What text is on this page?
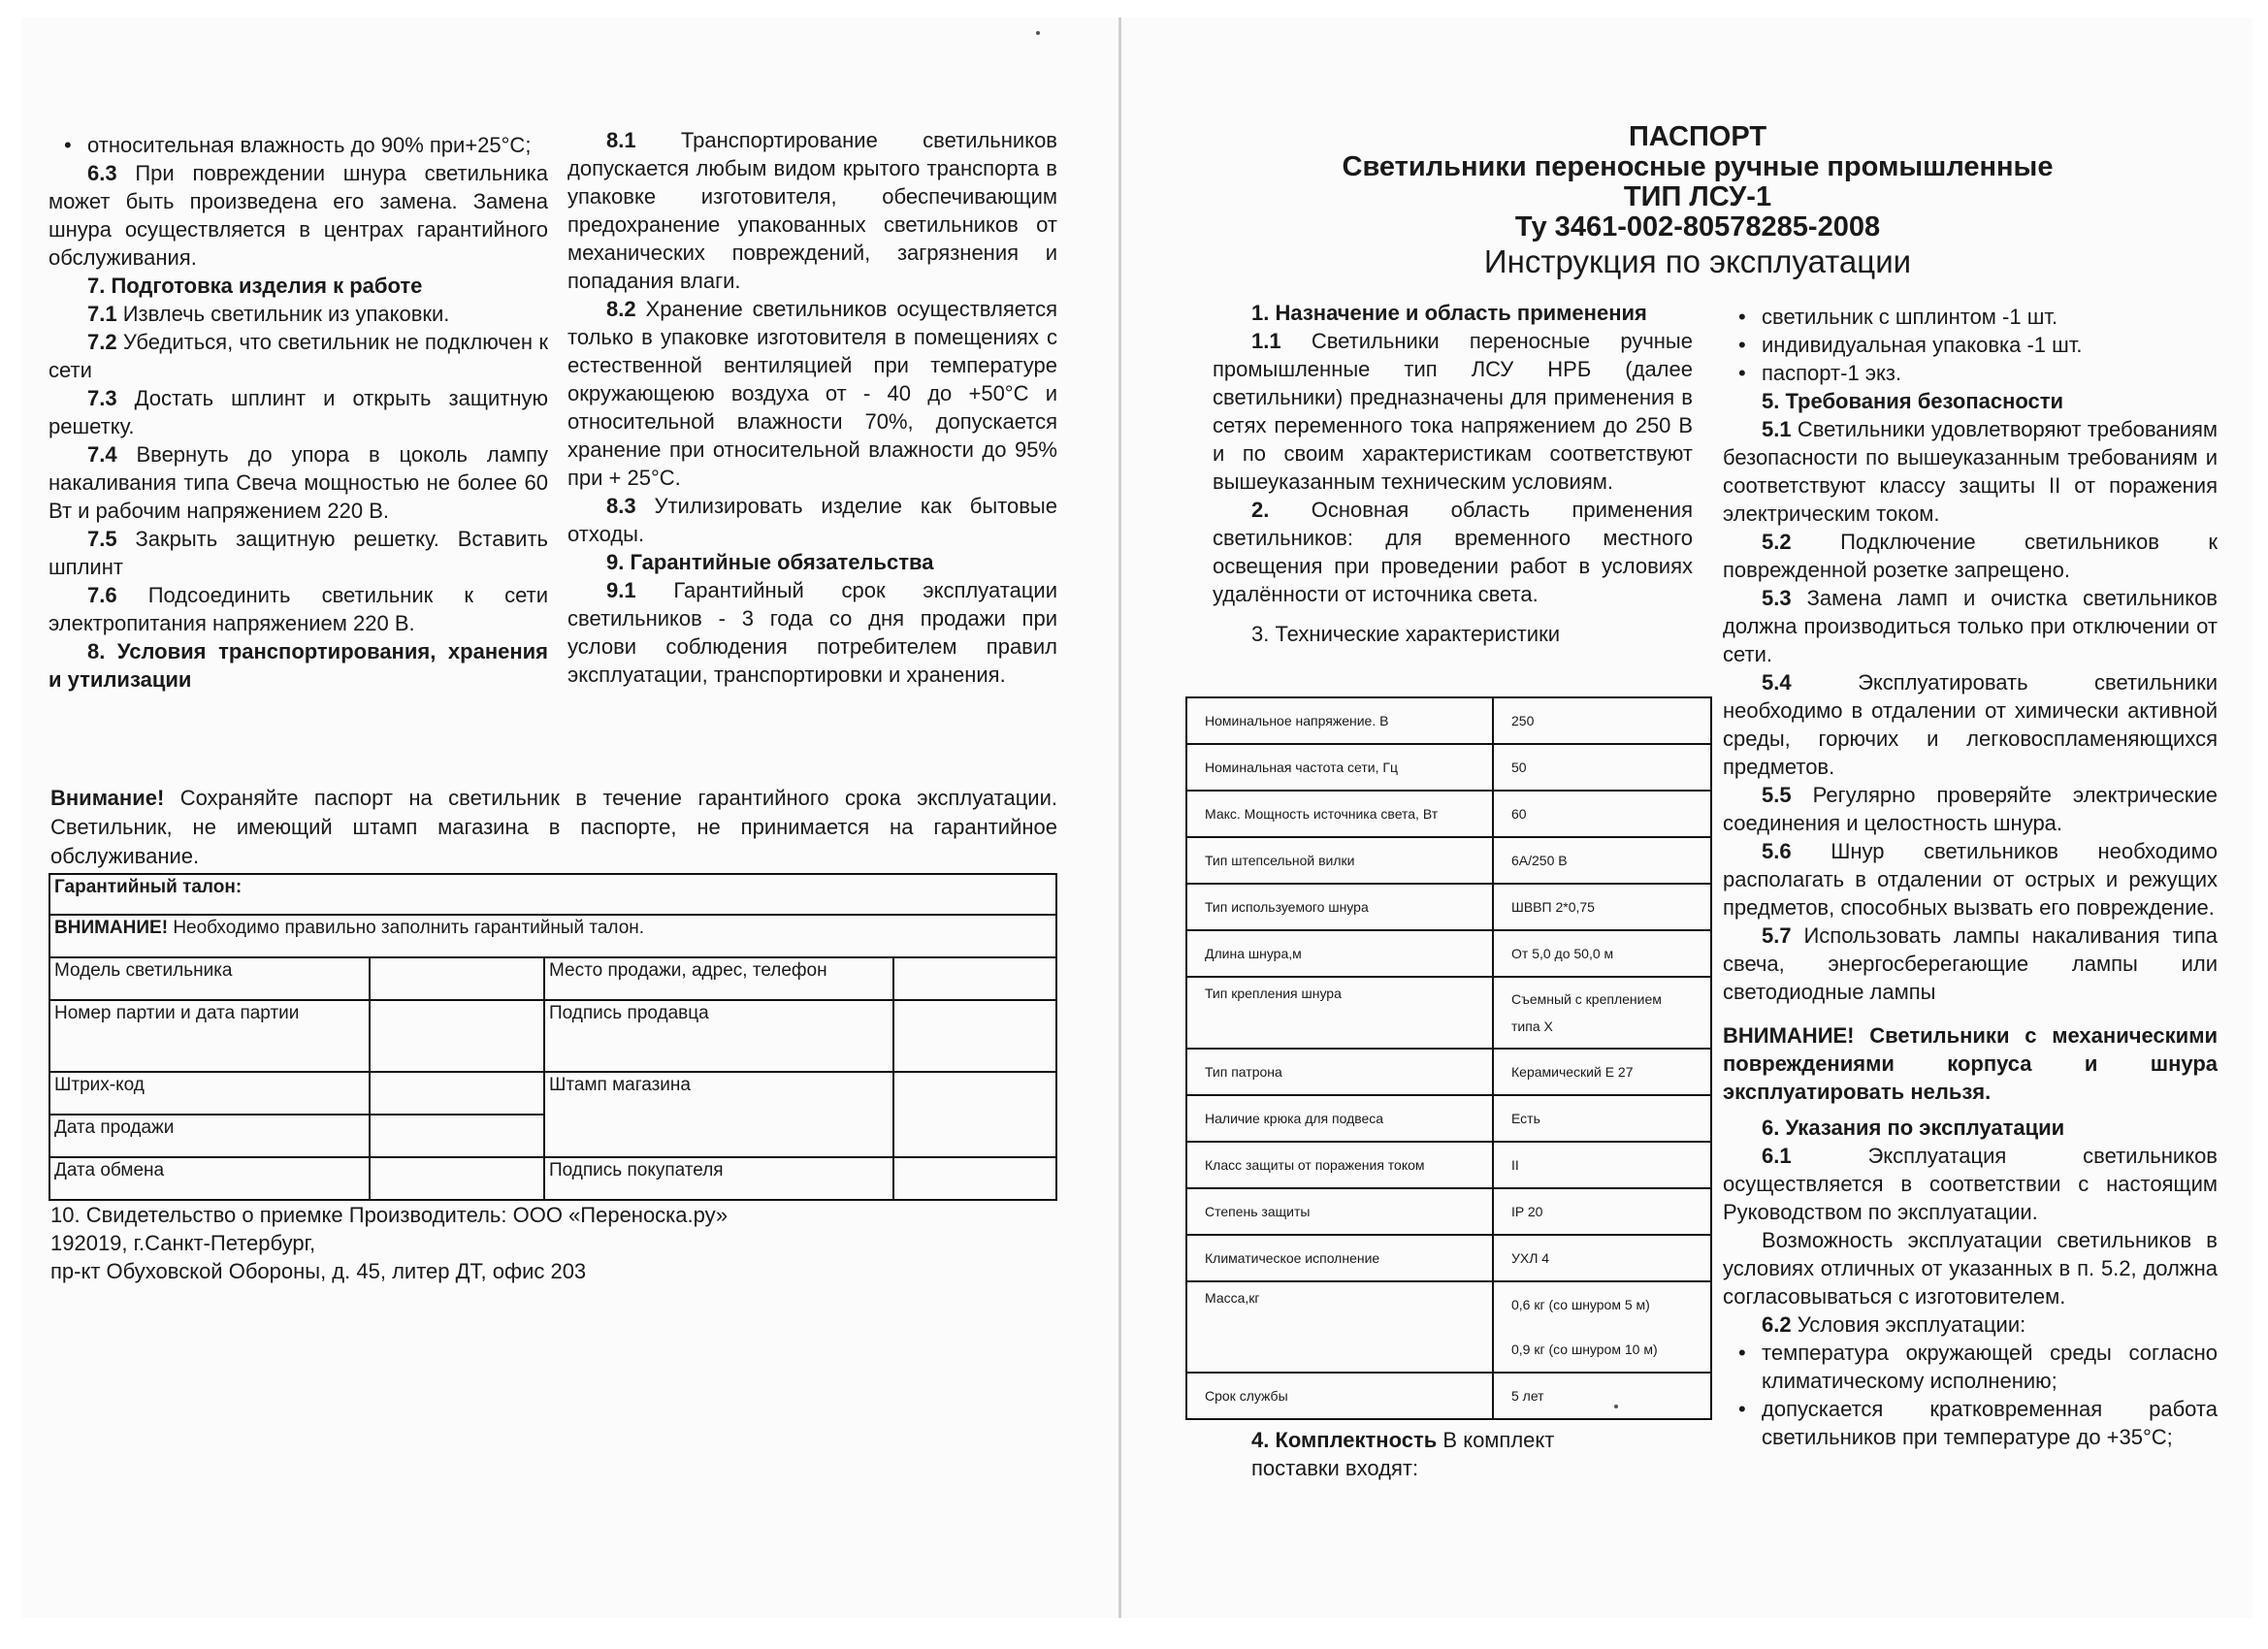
• относительная влажность до 90% при+25°С;

6.3 При повреждении шнура светильника может быть произведена его замена. Замена шнура осуществляется в центрах гарантийного обслуживания.

7. Подготовка изделия к работе

7.1 Извлечь светильник из упаковки.

7.2 Убедиться, что светильник не подключен к сети

7.3 Достать шплинт и открыть защитную решетку.

7.4 Ввернуть до упора в цоколь лампу накаливания типа Свеча мощностью не более 60 Вт и рабочим напряжением 220 В.

7.5 Закрыть защитную решетку. Вставить шплинт

7.6 Подсоединить светильник к сети электропитания напряжением 220 В.

8. Условия транспортирования, хранения и утилизации

8.1 Транспортирование светильников допускается любым видом крытого транспорта в упаковке изготовителя, обеспечивающим предохранение упакованных светильников от механических повреждений, загрязнения и попадания влаги.

8.2 Хранение светильников осуществляется только в упаковке изготовителя в помещениях с естественной вентиляцией при температуре окружающеюю воздуха от - 40 до +50°С и относительной влажности 70%, допускается хранение при относительной влажности до 95% при + 25°С.

8.3 Утилизировать изделие как бытовые отходы.

9. Гарантийные обязательства

9.1 Гарантийный срок эксплуатации светильников - 3 года со дня продажи при услови соблюдения потребителем правил эксплуатации, транспортировки и хранения.

Внимание! Сохраняйте паспорт на светильник в течение гарантийного срока эксплуатации. Светильник, не имеющий штамп магазина в паспорте, не принимается на гарантийное обслуживание.
Гарантийный талон:			
ВНИМАНИЕ! Необходимо правильно заполнить гарантийный талон.			
Модель светильника		Место продажи, адрес, телефон	
Номер партии и дата партии		Подпись продавца	
Штрих-код		Штамп магазина	
Дата продажи			
Дата обмена		Подпись покупателя	
10. Свидетельство о приемке Производитель: ООО «Переноска.ру»
192019, г.Санкт-Петербург,
пр-кт Обуховской Обороны, д. 45, литер ДТ, офис 203
ПАСПОРТ
Светильники переносные ручные промышленные
ТИП ЛСУ-1
Ту 3461-002-80578285-2008
Инструкция по эксплуатации

1. Назначение и область применения

1.1 Светильники переносные ручные промышленные тип ЛСУ НРБ (далее светильники) предназначены для применения в сетях переменного тока напряжением до 250 В и по своим характеристикам соответствуют вышеуказанным техническим условиям.

2. Основная область применения светильников: для временного местного освещения при проведении работ в условиях удалённости от источника света.

3. Технические характеристики

Номинальное напряжение. В	250

Номинальная частота сети, Гц	50

Макс. Мощность источника света, Вт	60

Тип штепсельной вилки	6А/250 В

Тип используемого шнура	ШВВП 2*0,75

Длина шнура,м	От 5,0 до 50,0 м

Тип крепления шнура	Съемный с креплением типа Х

Тип патрона	Керамический Е 27

Наличие крюка для подвеса	Есть

Класс защиты от поражения током	II

Степень защиты	IP 20

Климатическое исполнение	УХЛ 4

Масса,кг	0,6 кг (со шнуром 5 м)
0,9 кг (со шнуром 10 м)

Срок службы	5 лет
4. Комплектность В комплект поставки входят:

• светильник с шплинтом -1 шт.

• индивидуальная упаковка -1 шт.

• паспорт-1 экз.

5. Требования безопасности

5.1 Светильники удовлетворяют требованиям безопасности по вышеуказанным требованиям и соответствуют классу защиты II от поражения электрическим током.

5.2 Подключение светильников к поврежденной розетке запрещено.

5.3 Замена ламп и очистка светильников должна производиться только при отключении от сети.

5.4	Эксплуатировать светильники необходимо в отдалении от химически активной среды, горючих и легковоспламеняющихся предметов.

5.5 Регулярно проверяйте электрические соединения и целостность шнура.

5.6 Шнур светильников необходимо располагать в отдалении от острых и режущих предметов, способных вызвать его повреждение.

5.7 Использовать лампы накаливания типа свеча, энергосберегающие лампы или светодиодные лампы

ВНИМАНИЕ! Светильники с механическими повреждениями корпуса и шнура эксплуатировать нельзя.

6. Указания по эксплуатации

6.1	Эксплуатация светильников осуществляется в соответствии с настоящим Руководством по эксплуатации.

Возможность эксплуатации светильников в условиях отличных от указанных в п. 5.2, должна согласовываться с изготовителем.

6.2 Условия эксплуатации:

• температура окружающей среды согласно климатическому исполнению;

• допускается кратковременная работа светильников при температуре до +35°С;
